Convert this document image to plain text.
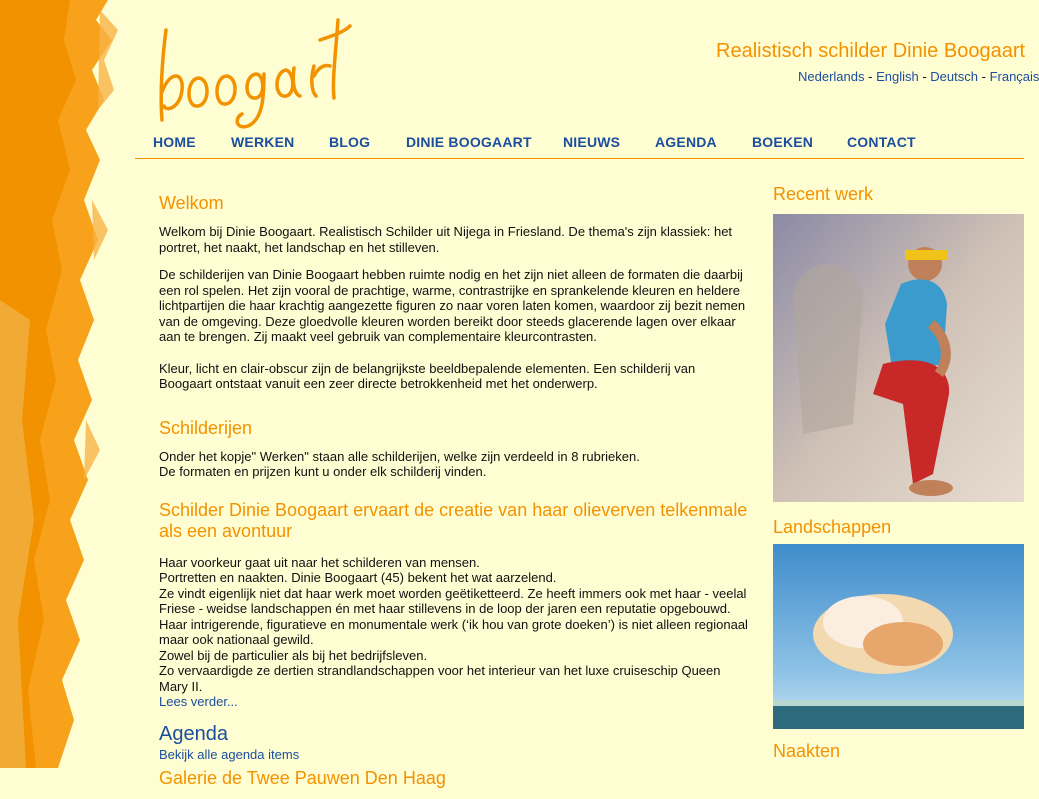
Realistisch schilder Dinie Boogaart
Nederlands - English - Deutsch - Français
HOME	WERKEN BLOG	DINIE BOOGAART NIEUWS AGENDA	BOEKEN CONTACT
Welkom

Welkom bij Dinie Boogaart. Realistisch Schilder uit Nijega in Friesland. De thema's zijn klassiek: het portret, het naakt, het landschap en het stilleven.

De schilderijen van Dinie Boogaart hebben ruimte nodig en het zijn niet alleen de formaten die daarbij een rol spelen. Het zijn vooral de prachtige, warme, contrastrijke en sprankelende kleuren en heldere lichtpartijen die haar krachtig aangezette figuren zo naar voren laten komen, waardoor zij bezit nemen van de omgeving. Deze gloedvolle kleuren worden bereikt door steeds glacerende lagen over elkaar aan te brengen. Zij maakt veel gebruik van complementaire kleurcontrasten.

Kleur, licht en clair-obscur zijn de belangrijkste beeldbepalende elementen. Een schilderij van Boogaart ontstaat vanuit een zeer directe betrokkenheid met het onderwerp.

Schilderijen

Onder het kopje" Werken" staan alle schilderijen, welke zijn verdeeld in 8 rubrieken.
De formaten en prijzen kunt u onder elk schilderij vinden.

Schilder Dinie Boogaart ervaart de creatie van haar olieverven telkenmale als een avontuur

Haar voorkeur gaat uit naar het schilderen van mensen.
Portretten en naakten. Dinie Boogaart (45) bekent het wat aarzelend.
Ze vindt eigenlijk niet dat haar werk moet worden geëtiketteerd. Ze heeft immers ook met haar - veelal Friese - weidse landschappen én met haar stillevens in de loop der jaren een reputatie opgebouwd.
Haar intrigerende, figuratieve en monumentale werk (‘ik hou van grote doeken’) is niet alleen regionaal maar ook nationaal gewild.
Zowel bij de particulier als bij het bedrijfsleven.
Zo vervaardigde ze dertien strandlandschappen voor het interieur van het luxe cruiseschip Queen Mary II.
Lees verder...

Agenda

Bekijk alle agenda items

Galerie de Twee Pauwen Den Haag
Recent werk
Landschappen
Naakten
